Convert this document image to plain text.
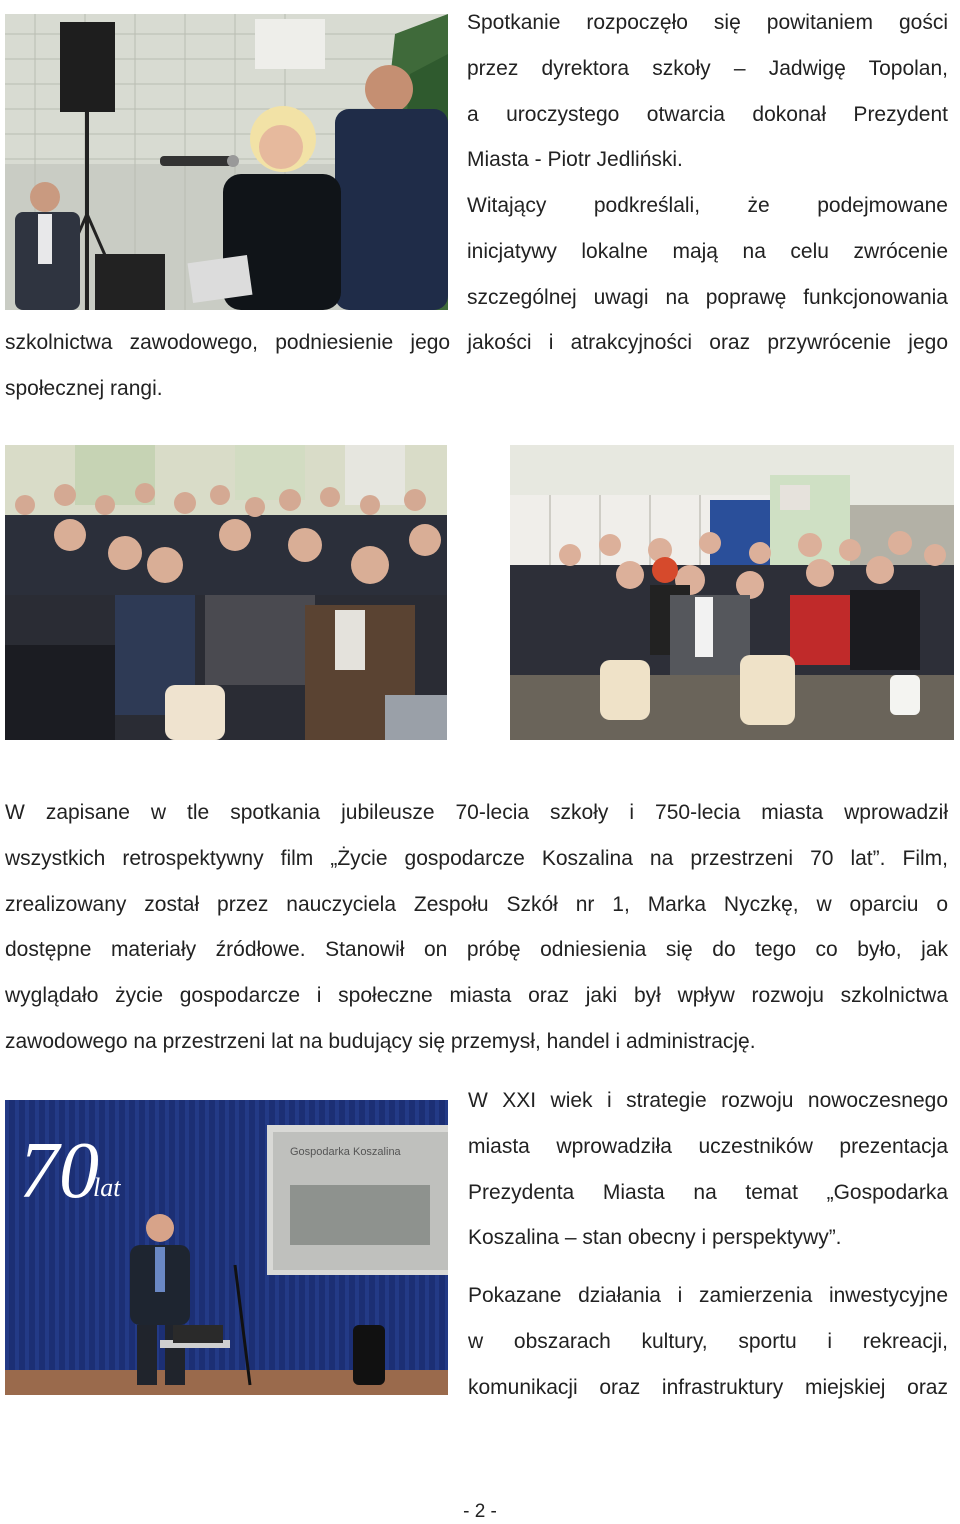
Spotkanie rozpoczęło się powitaniem gości

przez dyrektora szkoły – Jadwigę Topolan,

a uroczystego otwarcia dokonał Prezydent

Miasta - Piotr Jedliński.

Witający podkreślali, że podejmowane

inicjatywy lokalne mają na celu zwrócenie

szczególnej uwagi na poprawę funkcjonowania

szkolnictwa zawodowego, podniesienie jego jakości i atrakcyjności oraz przywrócenie jego

społecznej rangi.

W zapisane w tle spotkania jubileusze 70-lecia szkoły i 750-lecia miasta wprowadził

wszystkich retrospektywny film „Życie gospodarcze Koszalina na przestrzeni 70 lat”. Film,

zrealizowany został przez nauczyciela Zespołu Szkół nr 1, Marka Nyczkę, w oparciu o

dostępne materiały źródłowe. Stanowił on próbę odniesienia się do tego co było, jak

wyglądało życie gospodarcze i społeczne miasta oraz jaki był wpływ rozwoju szkolnictwa

zawodowego na przestrzeni lat na budujący się przemysł, handel i administrację.

70
lat
Gospodarka Koszalina

W XXI wiek i strategie rozwoju nowoczesnego

miasta wprowadziła uczestników prezentacja

Prezydenta Miasta na temat „Gospodarka

Koszalina – stan obecny i perspektywy”.

Pokazane działania i zamierzenia inwestycyjne

w obszarach kultury, sportu i rekreacji,

komunikacji oraz infrastruktury miejskiej oraz

- 2 -
